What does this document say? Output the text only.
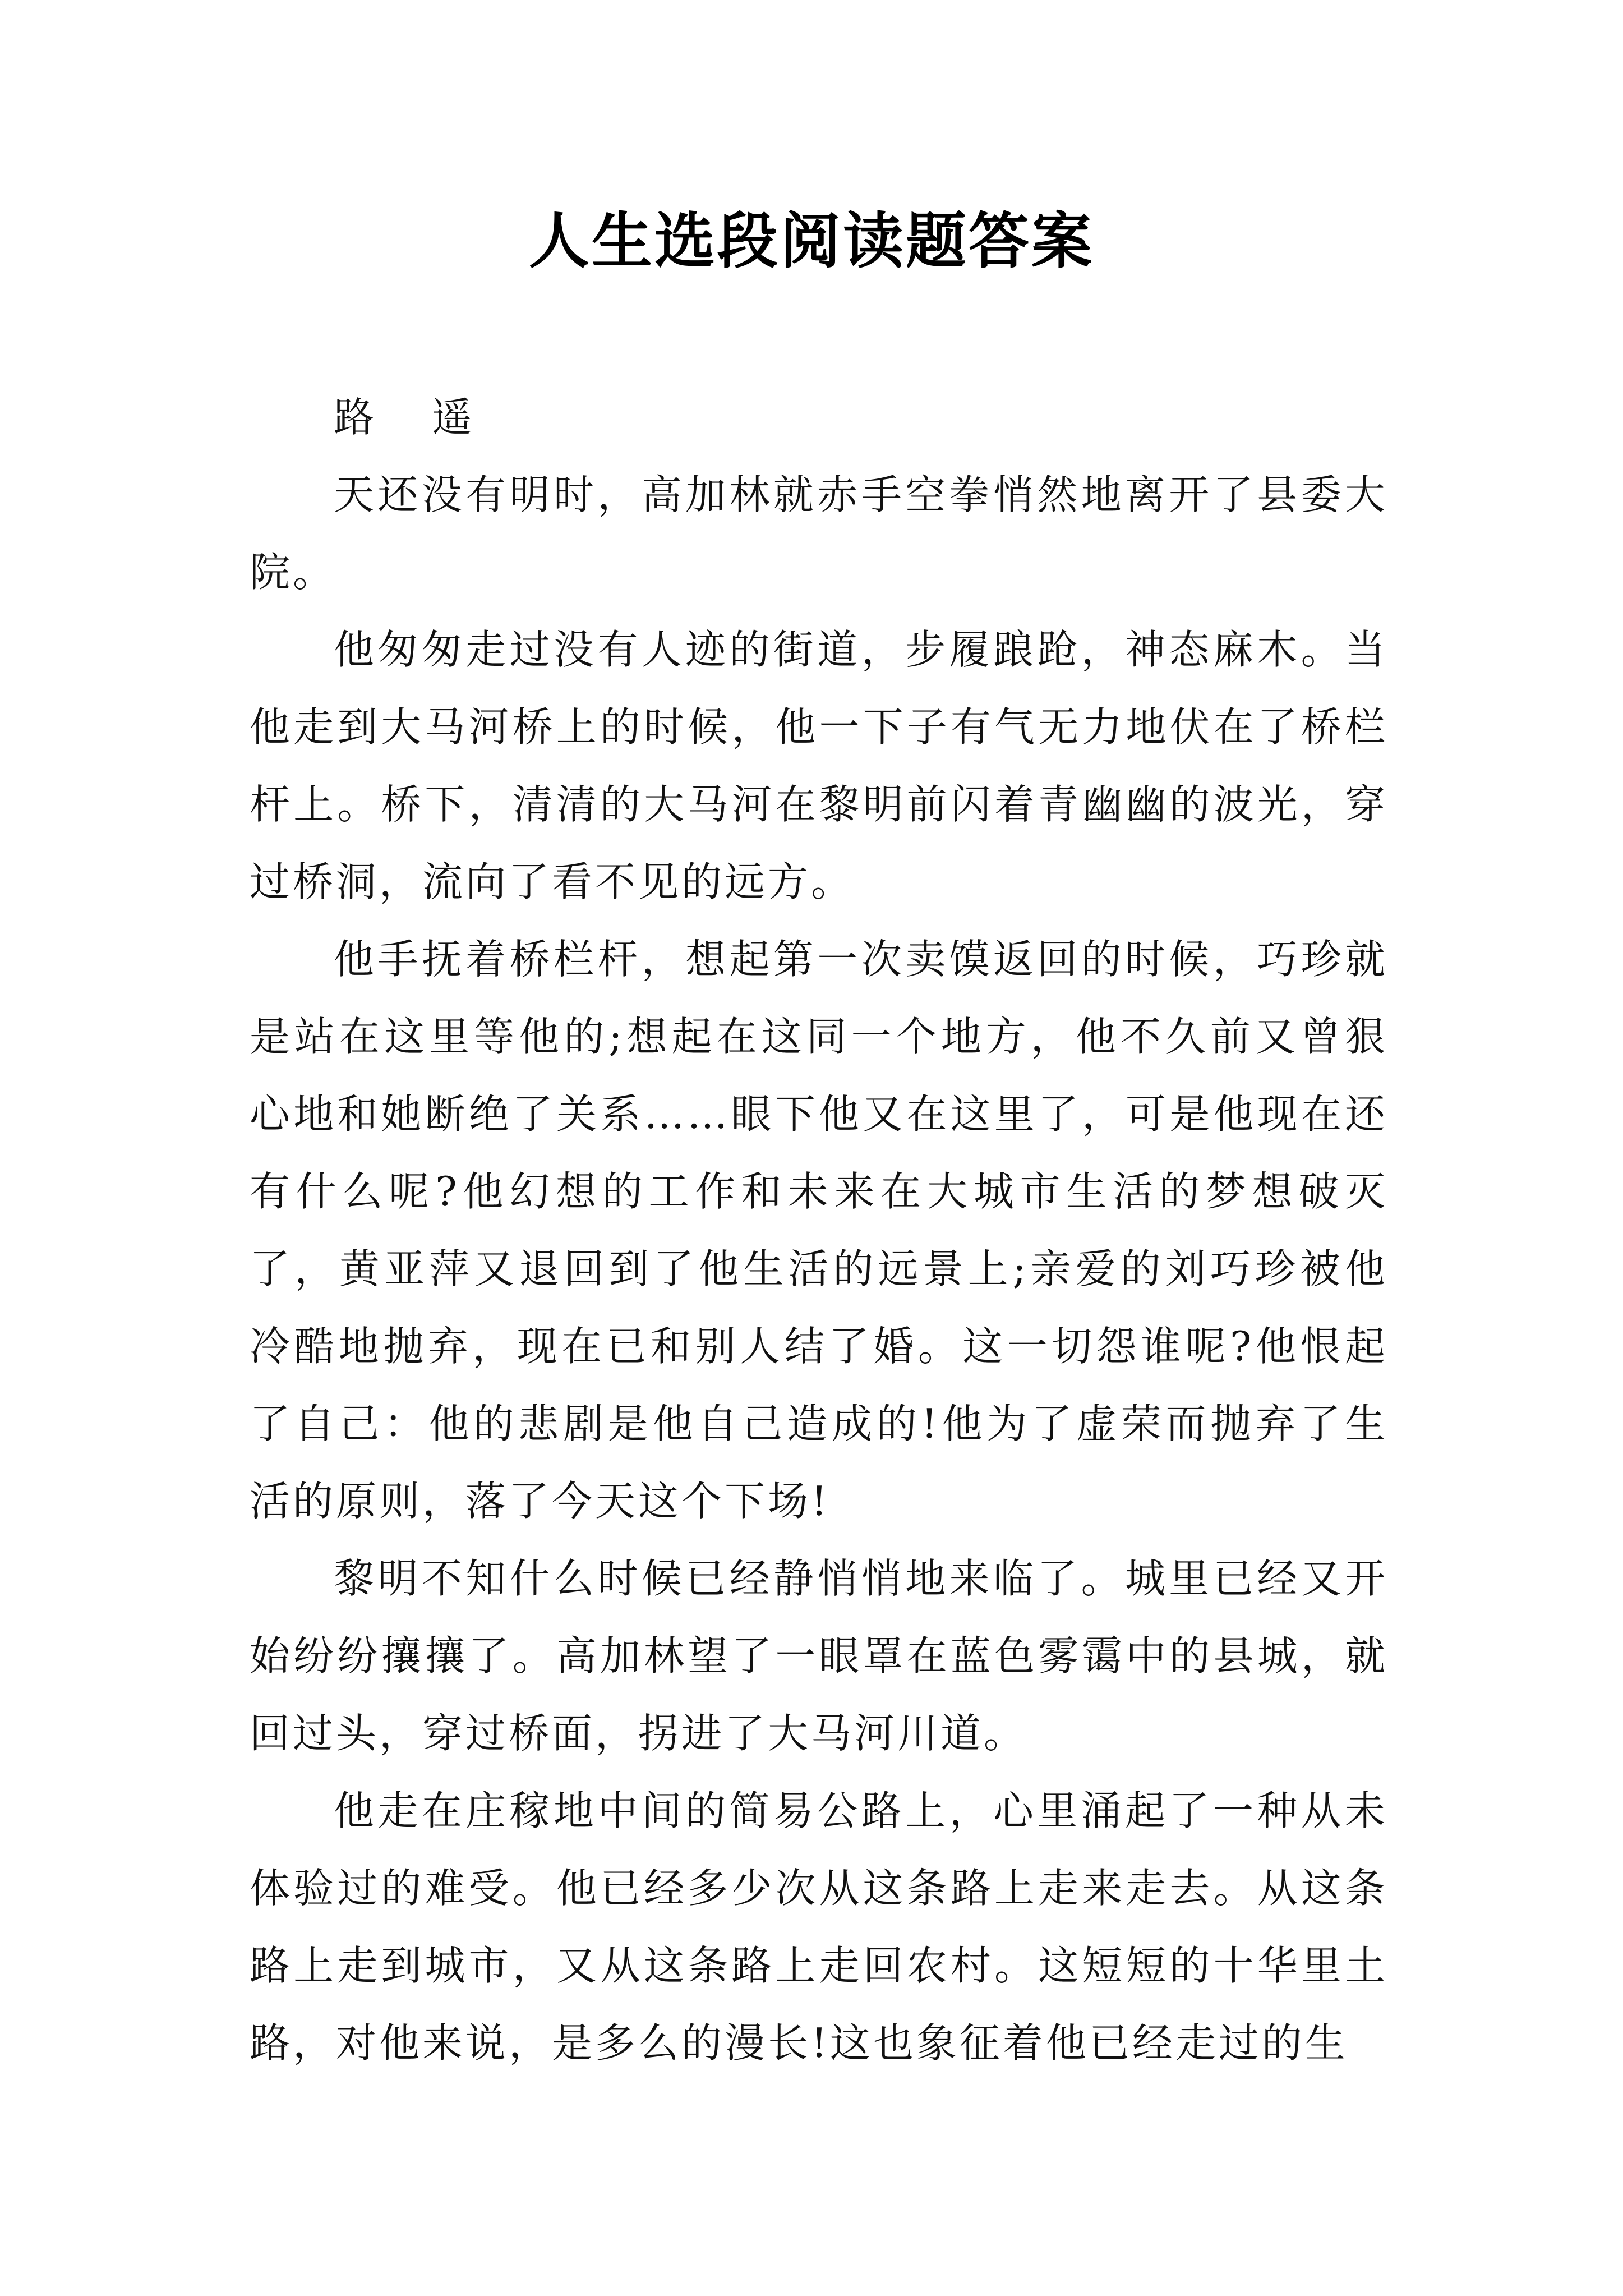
人生选段阅读题答案

路 遥

天还没有明时，高加林就赤手空拳悄然地离开了县委大院。

他匆匆走过没有人迹的街道，步履踉跄，神态麻木。当他走到大马河桥上的时候，他一下子有气无力地伏在了桥栏杆上。桥下，清清的大马河在黎明前闪着青幽幽的波光，穿过桥洞，流向了看不见的远方。

他手抚着桥栏杆，想起第一次卖馍返回的时候，巧珍就是站在这里等他的;想起在这同一个地方，他不久前又曾狠心地和她断绝了关系……眼下他又在这里了，可是他现在还有什么呢?他幻想的工作和未来在大城市生活的梦想破灭了，黄亚萍又退回到了他生活的远景上;亲爱的刘巧珍被他冷酷地抛弃，现在已和别人结了婚。这一切怨谁呢?他恨起了自己：他的悲剧是他自己造成的!他为了虚荣而抛弃了生活的原则，落了今天这个下场!

黎明不知什么时候已经静悄悄地来临了。城里已经又开始纷纷攘攘了。高加林望了一眼罩在蓝色雾霭中的县城，就回过头，穿过桥面，拐进了大马河川道。

他走在庄稼地中间的简易公路上，心里涌起了一种从未体验过的难受。他已经多少次从这条路上走来走去。从这条路上走到城市，又从这条路上走回农村。这短短的十华里土路，对他来说，是多么的漫长!这也象征着他已经走过的生
